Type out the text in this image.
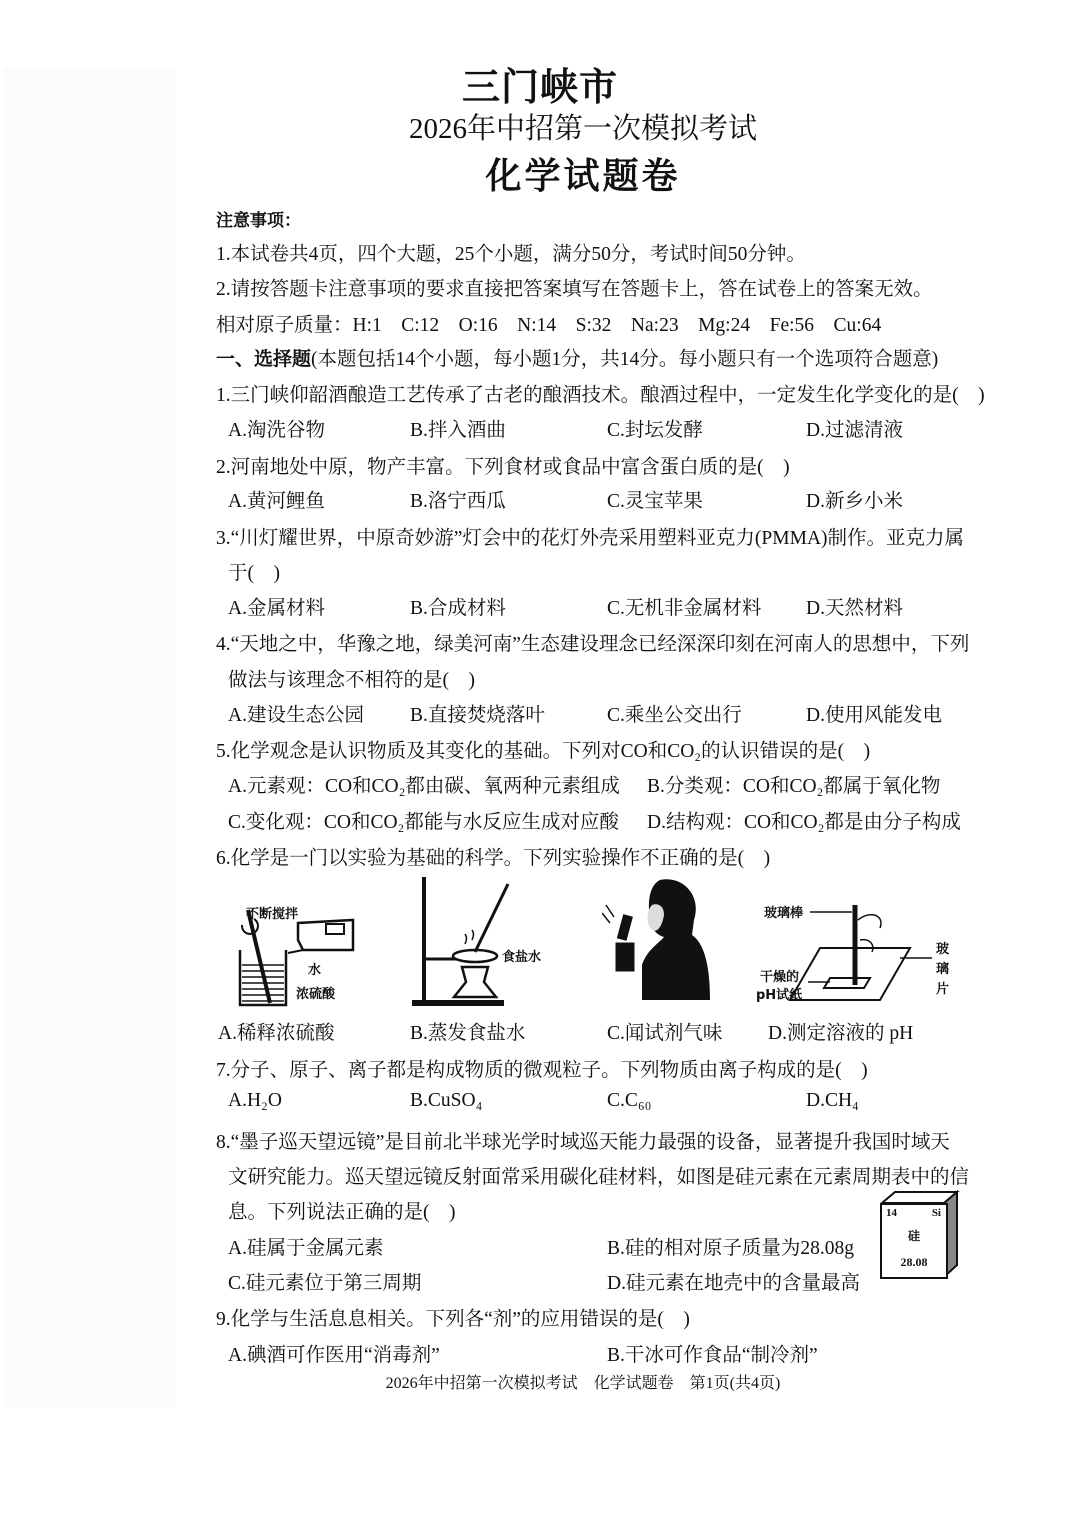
三门峡市
2026年中招第一次模拟考试
化学试题卷
注意事项：
1.本试卷共4页，四个大题，25个小题，满分50分，考试时间50分钟。
2.请按答题卡注意事项的要求直接把答案填写在答题卡上，答在试卷上的答案无效。
相对原子质量：H:1　C:12　O:16　N:14　S:32　Na:23　Mg:24　Fe:56　Cu:64
一、选择题(本题包括14个小题，每小题1分，共14分。每小题只有一个选项符合题意)
1.三门峡仰韶酒酿造工艺传承了古老的酿酒技术。酿酒过程中，一定发生化学变化的是(　)
A.淘洗谷物	B.拌入酒曲	C.封坛发酵	D.过滤清液
2.河南地处中原，物产丰富。下列食材或食品中富含蛋白质的是(　)
A.黄河鲤鱼	B.洛宁西瓜	C.灵宝苹果	D.新乡小米
3.“川灯耀世界，中原奇妙游”灯会中的花灯外壳采用塑料亚克力(PMMA)制作。亚克力属
于(　)
A.金属材料	B.合成材料	C.无机非金属材料 D.天然材料
4.“天地之中，华豫之地，绿美河南”生态建设理念已经深深印刻在河南人的思想中，下列
做法与该理念不相符的是(　)
A.建设生态公园 B.直接焚烧落叶	C.乘坐公交出行	D.使用风能发电
5.化学观念是认识物质及其变化的基础。下列对CO和CO₂的认识错误的是(　)
A.元素观：CO和CO₂都由碳、氧两种元素组成 B.分类观：CO和CO₂都属于氧化物
C.变化观：CO和CO₂都能与水反应生成对应酸 D.结构观：CO和CO₂都是由分子构成
6.化学是一门以实验为基础的科学。下列实验操作不正确的是(　)
不断搅拌
水
浓硫酸
食盐水
玻璃棒
干燥的
pH试纸
玻璃片
A.稀释浓硫酸	B.蒸发食盐水	C.闻试剂气味 D.测定溶液的 pH
7.分子、原子、离子都是构成物质的微观粒子。下列物质由离子构成的是(　)
A.H₂O	B.CuSO₄	C.C₆₀	D.CH₄
8.“墨子巡天望远镜”是目前北半球光学时域巡天能力最强的设备，显著提升我国时域天
文研究能力。巡天望远镜反射面常采用碳化硅材料，如图是硅元素在元素周期表中的信
息。下列说法正确的是(　)
A.硅属于金属元素	B.硅的相对原子质量为28.08g
C.硅元素位于第三周期	D.硅元素在地壳中的含量最高
14	Si
硅
28.08
9.化学与生活息息相关。下列各“剂”的应用错误的是(　)
A.碘酒可作医用“消毒剂”	B.干冰可作食品“制冷剂”
2026年中招第一次模拟考试　化学试题卷　第1页(共4页)
